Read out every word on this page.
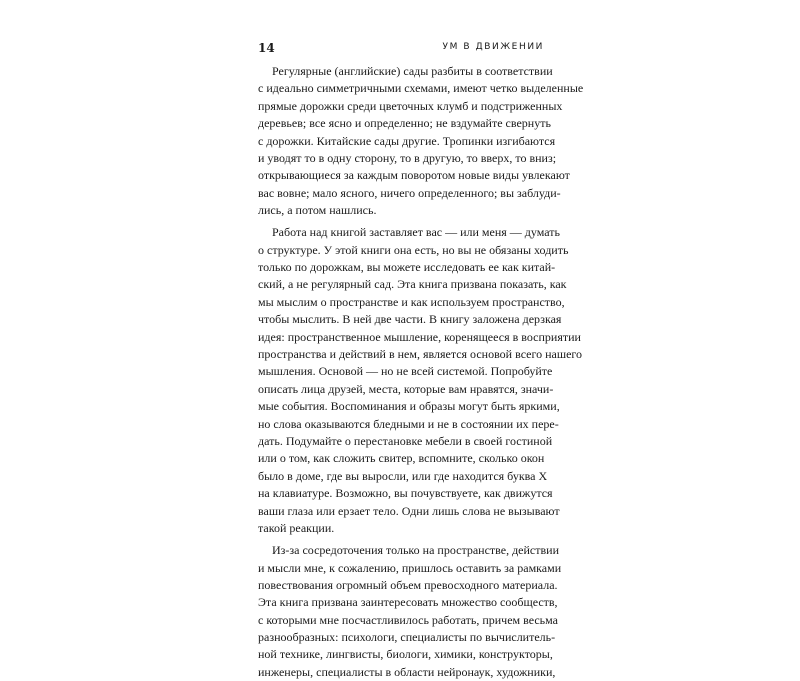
14	УМ В ДВИЖЕНИИ
Регулярные (английские) сады разбиты в соответствии
с идеально симметричными схемами, имеют четко выделенные
прямые дорожки среди цветочных клумб и подстриженных
деревьев; все ясно и определенно; не вздумайте свернуть
с дорожки. Китайские сады другие. Тропинки изгибаются
и уводят то в одну сторону, то в другую, то вверх, то вниз;
открывающиеся за каждым поворотом новые виды увлекают
вас вовне; мало ясного, ничего определенного; вы заблуди-
лись, а потом нашлись.
Работа над книгой заставляет вас — или меня — думать
о структуре. У этой книги она есть, но вы не обязаны ходить
только по дорожкам, вы можете исследовать ее как китай-
ский, а не регулярный сад. Эта книга призвана показать, как
мы мыслим о пространстве и как используем пространство,
чтобы мыслить. В ней две части. В книгу заложена дерзкая
идея: пространственное мышление, коренящееся в восприятии
пространства и действий в нем, является основой всего нашего
мышления. Основой — но не всей системой. Попробуйте
описать лица друзей, места, которые вам нравятся, значи-
мые события. Воспоминания и образы могут быть яркими,
но слова оказываются бледными и не в состоянии их пере-
дать. Подумайте о перестановке мебели в своей гостиной
или о том, как сложить свитер, вспомните, сколько окон
было в доме, где вы выросли, или где находится буква X
на клавиатуре. Возможно, вы почувствуете, как движутся
ваши глаза или ерзает тело. Одни лишь слова не вызывают
такой реакции.
Из-за сосредоточения только на пространстве, действии
и мысли мне, к сожалению, пришлось оставить за рамками
повествования огромный объем превосходного материала.
Эта книга призвана заинтересовать множество сообществ,
с которыми мне посчастливилось работать, причем весьма
разнообразных: психологи, специалисты по вычислитель-
ной технике, лингвисты, биологи, химики, конструкторы,
инженеры, специалисты в области нейронаук, художники,
